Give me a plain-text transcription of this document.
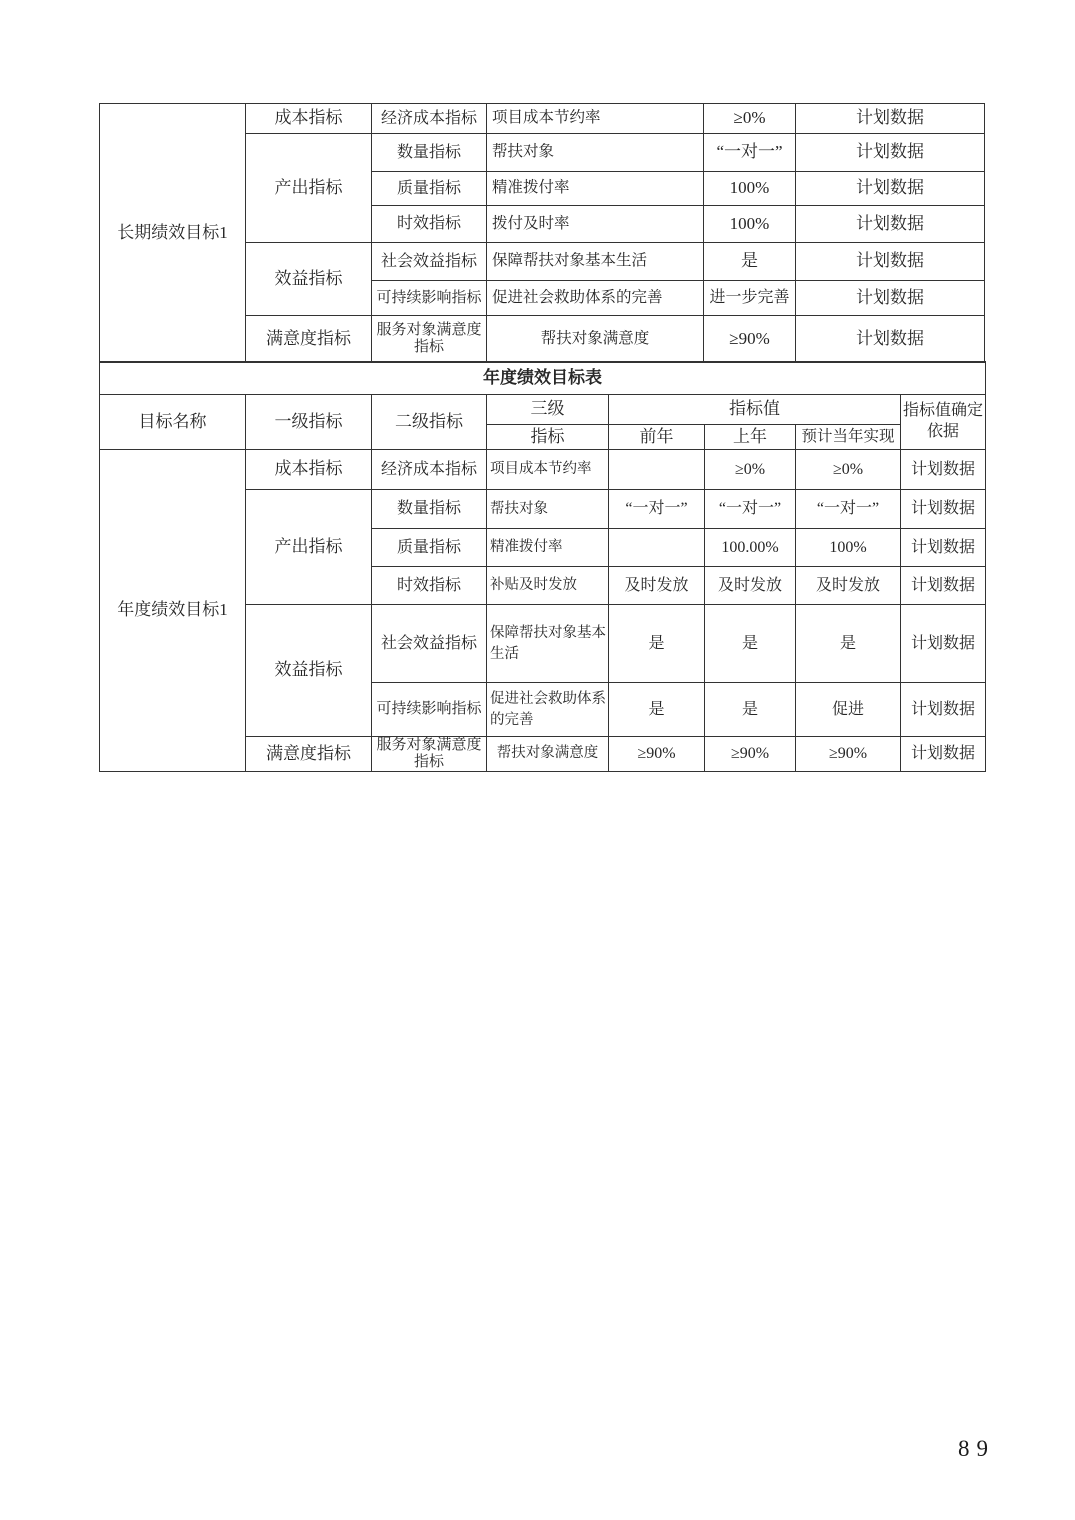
长期绩效目标1	成本指标	经济成本指标	项目成本节约率	≥0%	计划数据
	产出指标	数量指标	帮扶对象	“一对一”	计划数据
		质量指标	精准拨付率	100%	计划数据
		时效指标	拨付及时率	100%	计划数据
	效益指标	社会效益指标	保障帮扶对象基本生活	是	计划数据
		可持续影响指标	促进社会救助体系的完善	进一步完善	计划数据
	满意度指标	服务对象满意度指标	帮扶对象满意度	≥90%	计划数据
年度绩效目标表							
目标名称	一级指标	二级指标	三级	指标值			指标值确定依据
			指标	前年	上年	预计当年实现	
年度绩效目标1	成本指标	经济成本指标	项目成本节约率		≥0%	≥0%	计划数据
	产出指标	数量指标	帮扶对象	“一对一”	“一对一”	“一对一”	计划数据
		质量指标	精准拨付率		100.00%	100%	计划数据
		时效指标	补贴及时发放	及时发放	及时发放	及时发放	计划数据
	效益指标	社会效益指标	保障帮扶对象基本生活	是	是	是	计划数据
		可持续影响指标	促进社会救助体系的完善	是	是	促进	计划数据
	满意度指标	服务对象满意度指标	帮扶对象满意度	≥90%	≥90%	≥90%	计划数据
89
